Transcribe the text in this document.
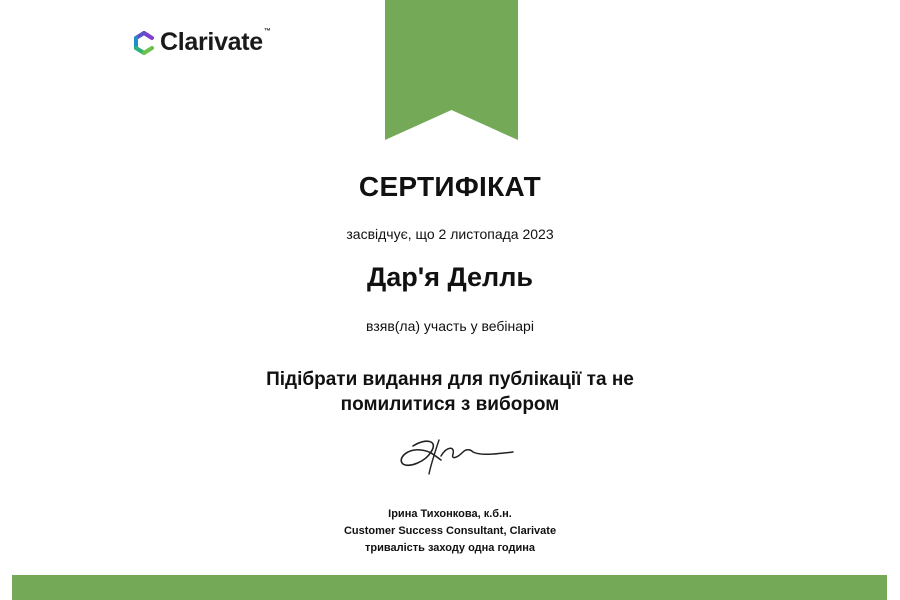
Clarivate™
СЕРТИФІКАТ
засвідчує, що 2 листопада 2023
Дар'я Делль
взяв(ла) участь у вебінарі
Підібрати видання для публікації та не
помилитися з вибором
Ірина Тихонкова, к.б.н.
Customer Success Consultant, Clarivate
тривалість заходу одна година
